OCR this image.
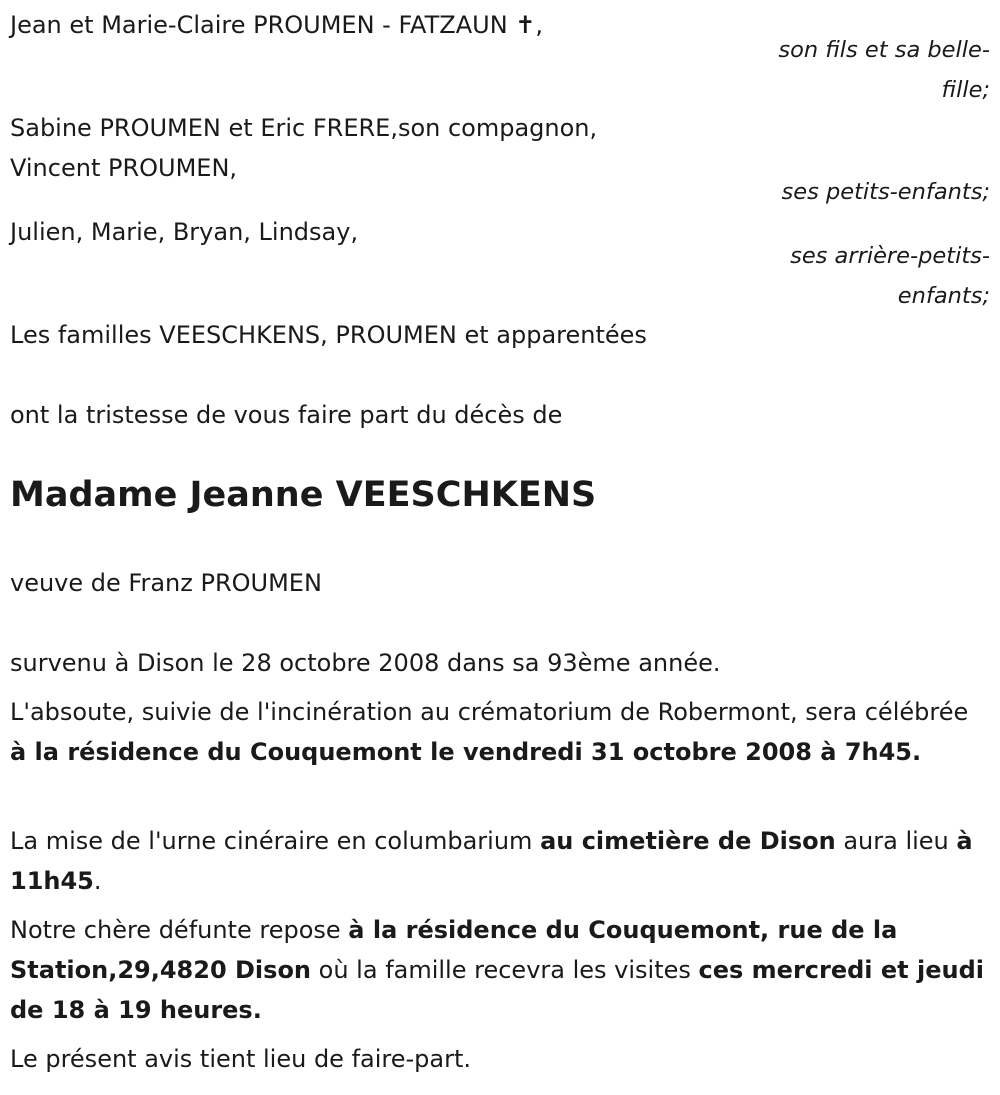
Jean et Marie-Claire PROUMEN - FATZAUN ✝,
son fils et sa belle-fille;
Sabine PROUMEN et Eric FRERE,son compagnon,
Vincent PROUMEN,
ses petits-enfants;
Julien, Marie, Bryan, Lindsay,
ses arrière-petits-enfants;
Les familles VEESCHKENS, PROUMEN et apparentées
ont la tristesse de vous faire part du décès de
Madame Jeanne VEESCHKENS
veuve de Franz PROUMEN
survenu à Dison le 28 octobre 2008 dans sa 93ème année.
L'absoute, suivie de l'incinération au crématorium de Robermont, sera célébrée à la résidence du Couquemont le vendredi 31 octobre 2008 à 7h45.
La mise de l'urne cinéraire en columbarium au cimetière de Dison aura lieu à 11h45.
Notre chère défunte repose à la résidence du Couquemont, rue de la Station,29,4820 Dison où la famille recevra les visites ces mercredi et jeudi de 18 à 19 heures.
Le présent avis tient lieu de faire-part.
